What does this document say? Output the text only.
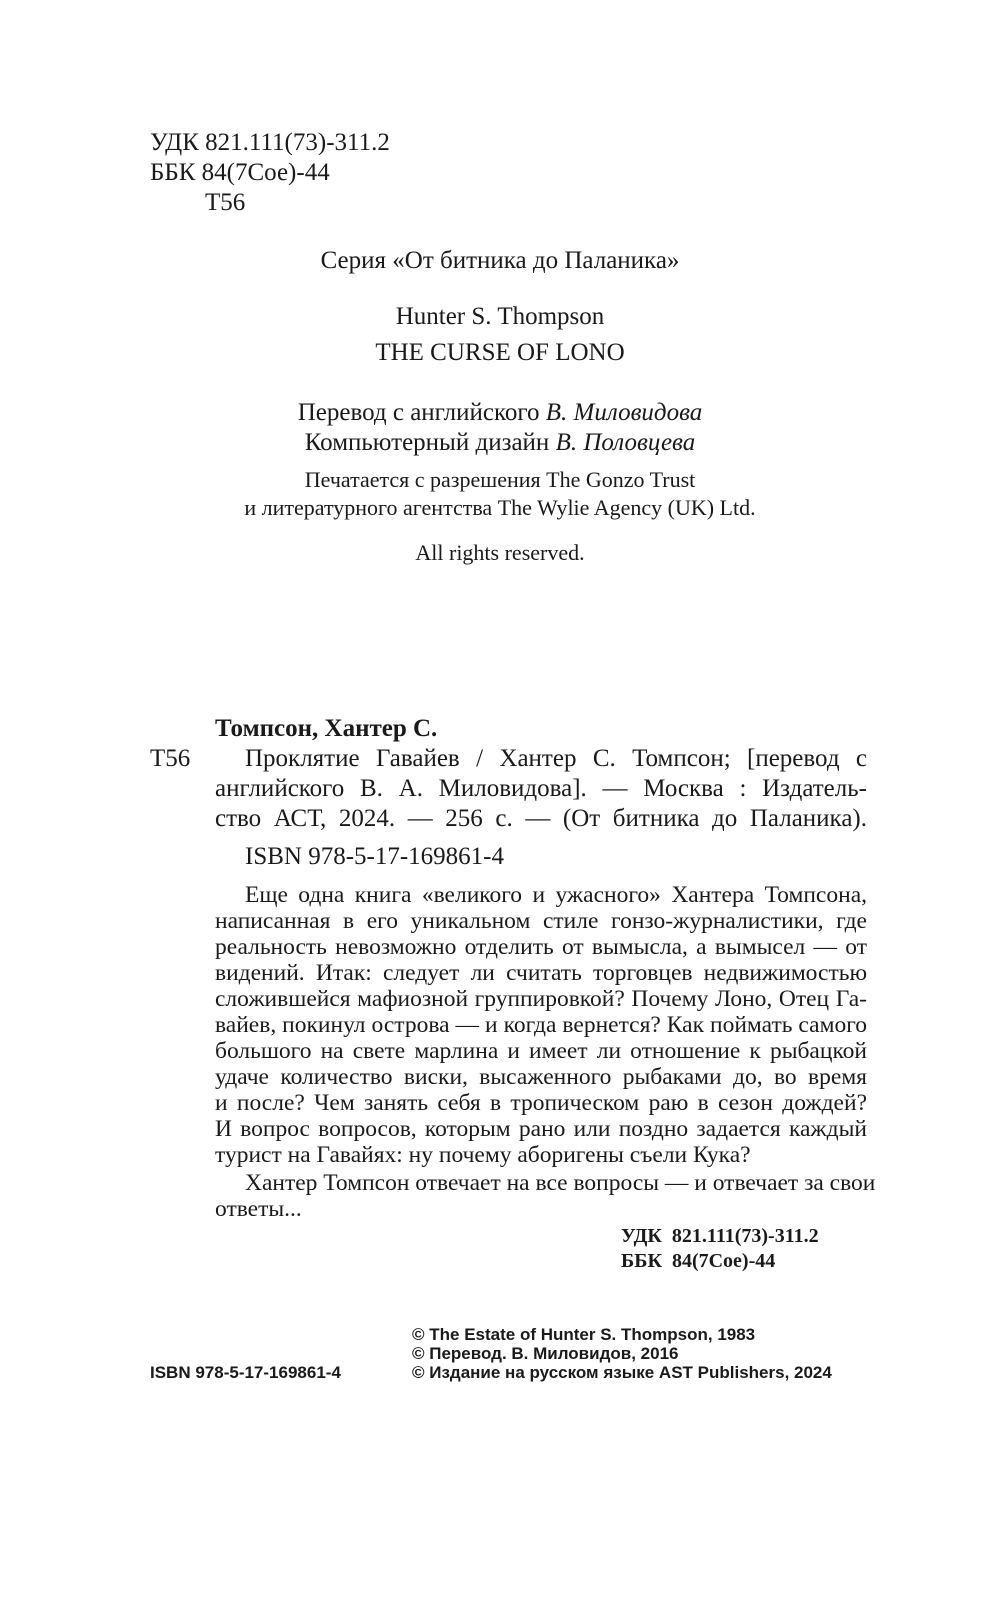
УДК 821.111(73)-311.2
ББК 84(7Сое)-44
Т56
Серия «От битника до Паланика»
Hunter S. Thompson
THE CURSE OF LONO
Перевод с английского В. Миловидова
Компьютерный дизайн В. Половцева
Печатается с разрешения The Gonzo Trust
и литературного агентства The Wylie Agency (UK) Ltd.
All rights reserved.
Томпсон, Хантер С.
Т56 Проклятие Гавайев / Хантер С. Томпсон; [перевод с
английского В. А. Миловидова]. — Москва : Издатель-
ство АСТ, 2024. — 256 с. — (От битника до Паланика).
ISBN 978-5-17-169861-4
Еще одна книга «великого и ужасного» Хантера Томпсона,
написанная в его уникальном стиле гонзо-журналистики, где
реальность невозможно отделить от вымысла, а вымысел — от
видений. Итак: следует ли считать торговцев недвижимостью
сложившейся мафиозной группировкой? Почему Лоно, Отец Га-
вайев, покинул острова — и когда вернется? Как поймать самого
большого на свете марлина и имеет ли отношение к рыбацкой
удаче количество виски, высаженного рыбаками до, во время
и после? Чем занять себя в тропическом раю в сезон дождей?
И вопрос вопросов, которым рано или поздно задается каждый
турист на Гавайях: ну почему аборигены съели Кука?
Хантер Томпсон отвечает на все вопросы — и отвечает за свои
ответы...
УДК  821.111(73)-311.2
ББК  84(7Сое)-44
© The Estate of Hunter S. Thompson, 1983
© Перевод. В. Миловидов, 2016
ISBN 978-5-17-169861-4	© Издание на русском языке AST Publishers, 2024
